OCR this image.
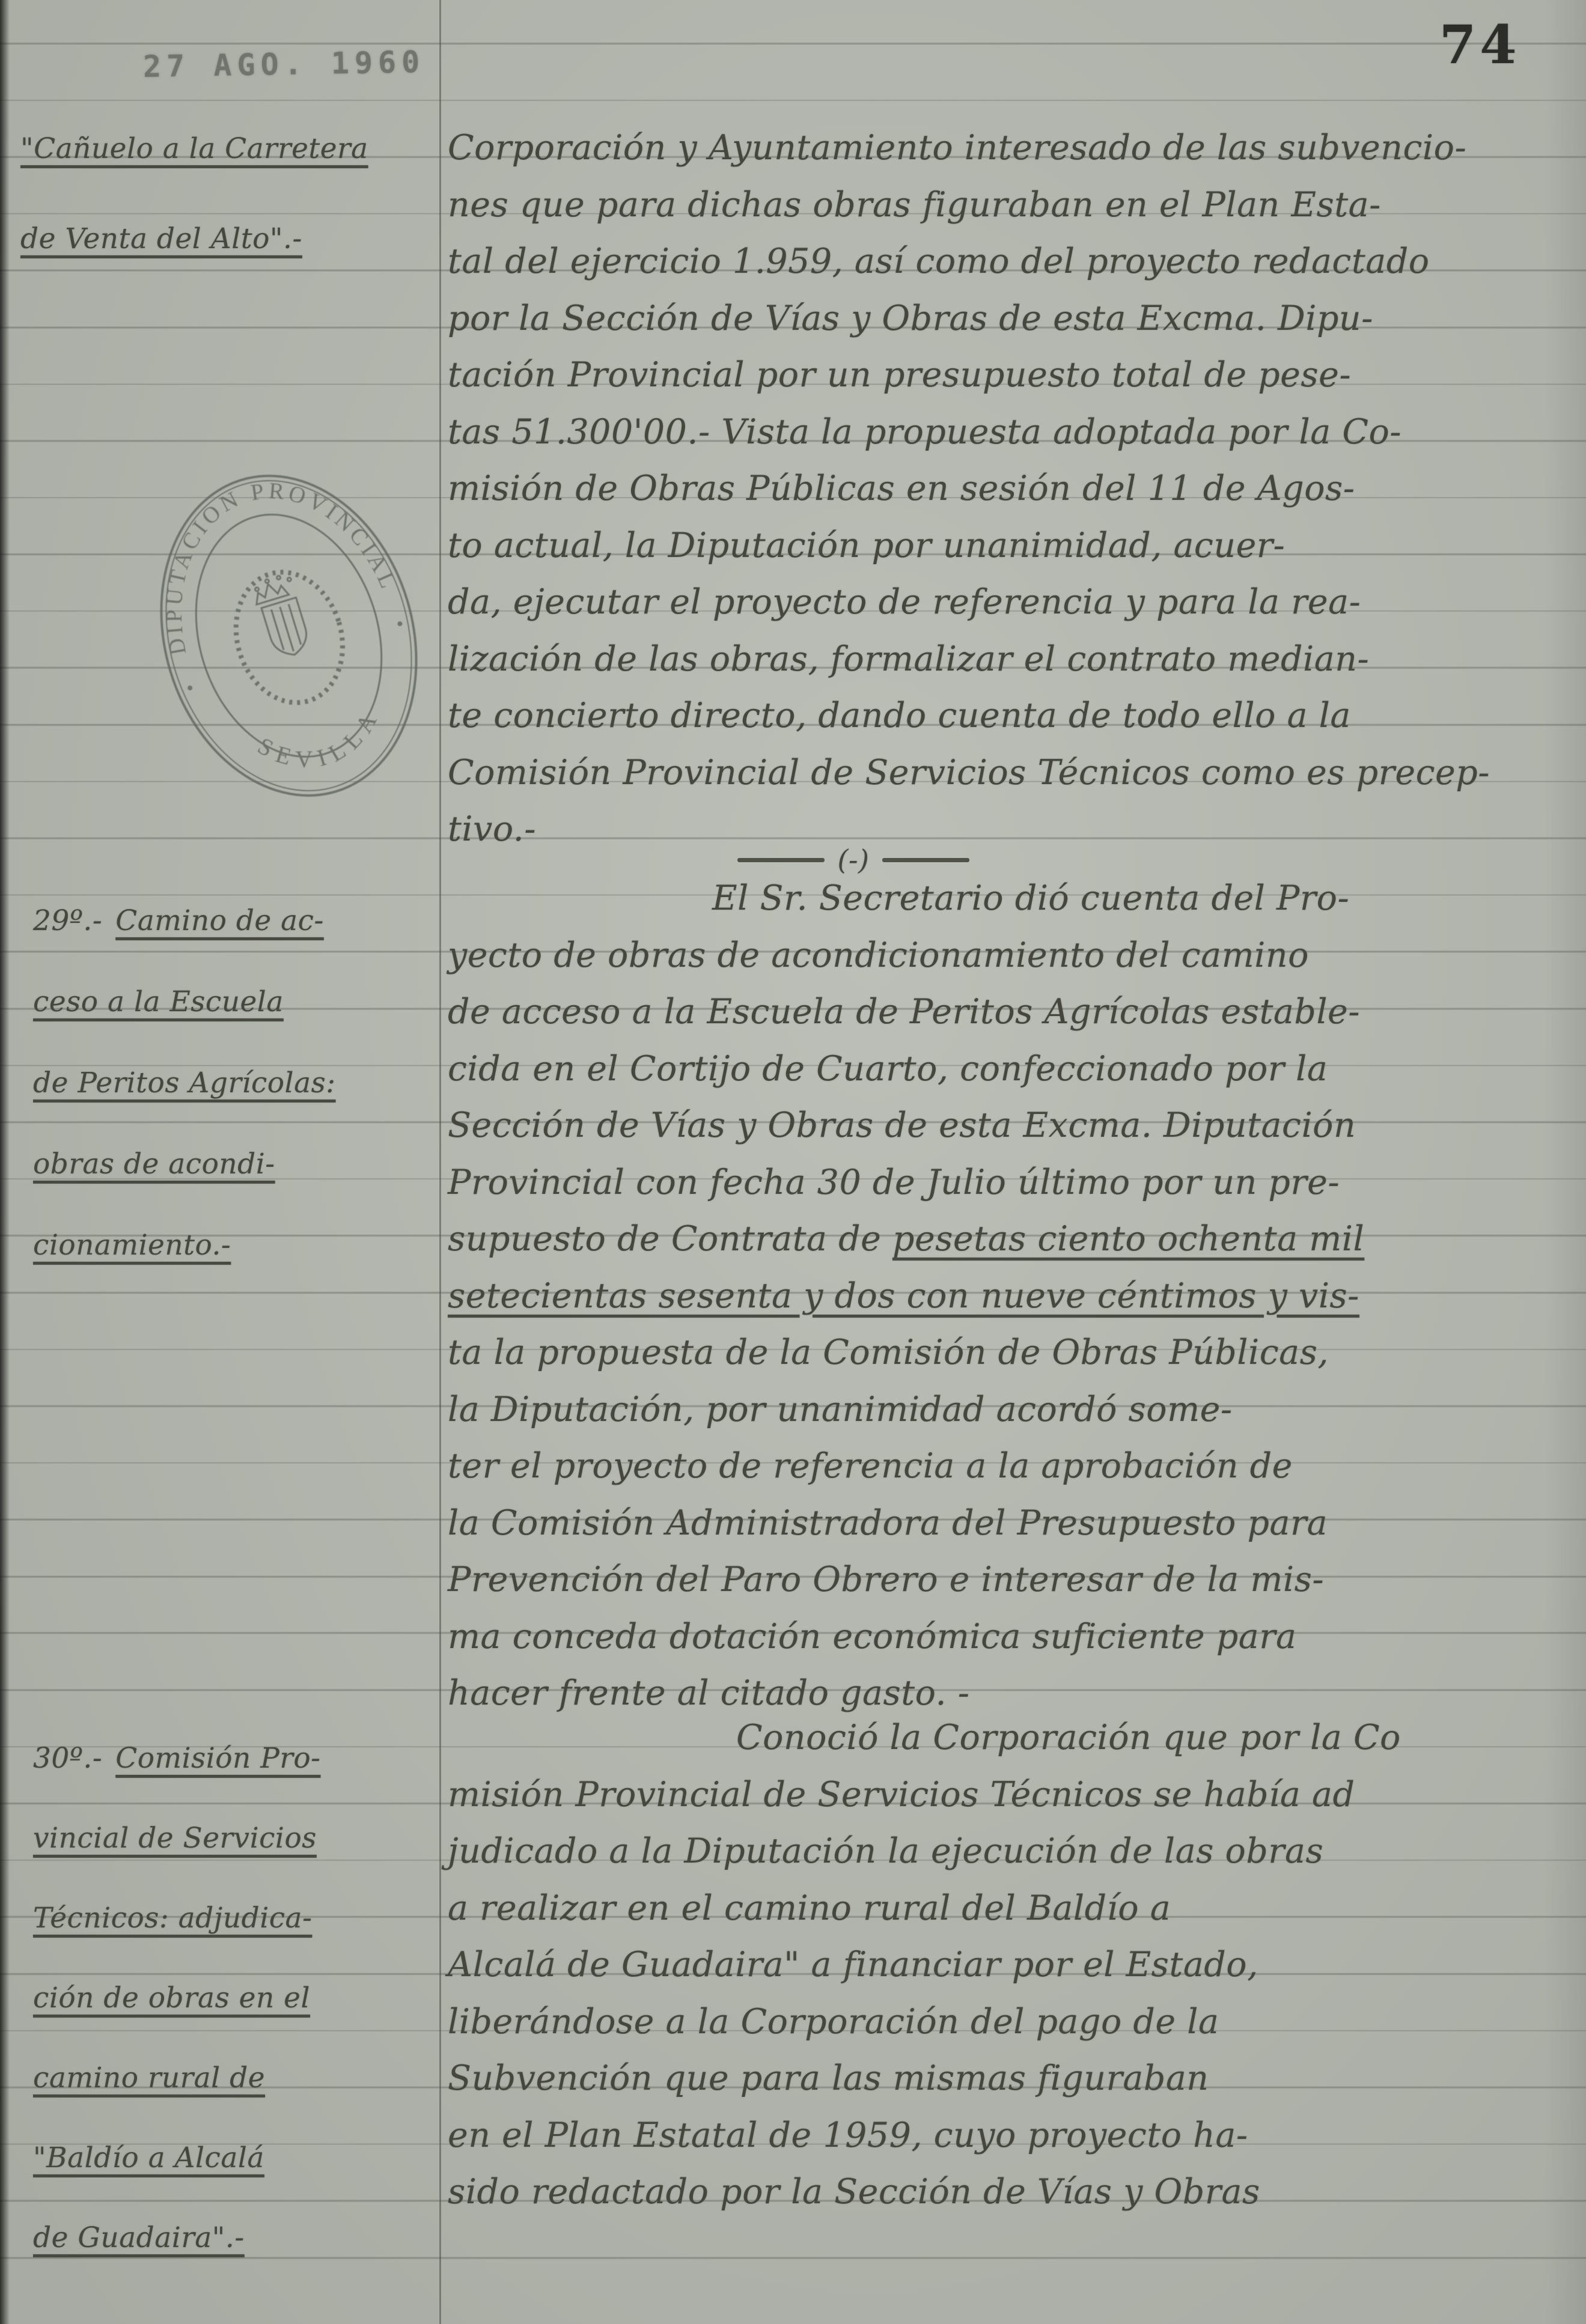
74
27 AGO. 1960
DIPUTACION PROVINCIAL
SEVILLA
"Cañuelo a la Carretera
de Venta del Alto".-
29º.- Camino de ac-
ceso a la Escuela
de Peritos Agrícolas:
obras de acondi-
cionamiento.-
30º.- Comisión Pro-
vincial de Servicios
Técnicos: adjudica-
ción de obras en el
camino rural de
"Baldío a Alcalá
de Guadaira".-
Corporación y Ayuntamiento interesado de las subvencio-
nes que para dichas obras figuraban en el Plan Esta-
tal del ejercicio 1.959, así como del proyecto redactado
por la Sección de Vías y Obras de esta Excma. Dipu-
tación Provincial por un presupuesto total de pese-
tas 51.300'00.- Vista la propuesta adoptada por la Co-
misión de Obras Públicas en sesión del 11 de Agos-
to actual, la Diputación por unanimidad, acuer-
da, ejecutar el proyecto de referencia y para la rea-
lización de las obras, formalizar el contrato median-
te concierto directo, dando cuenta de todo ello a la
Comisión Provincial de Servicios Técnicos como es precep-
tivo.-
(-)
El Sr. Secretario dió cuenta del Pro-
yecto de obras de acondicionamiento del camino
de acceso a la Escuela de Peritos Agrícolas estable-
cida en el Cortijo de Cuarto, confeccionado por la
Sección de Vías y Obras de esta Excma. Diputación
Provincial con fecha 30 de Julio último por un pre-
supuesto de Contrata de pesetas ciento ochenta mil
setecientas sesenta y dos con nueve céntimos y vis-
ta la propuesta de la Comisión de Obras Públicas,
la Diputación, por unanimidad acordó some-
ter el proyecto de referencia a la aprobación de
la Comisión Administradora del Presupuesto para
Prevención del Paro Obrero e interesar de la mis-
ma conceda dotación económica suficiente para
hacer frente al citado gasto. -
Conoció la Corporación que por la Co
misión Provincial de Servicios Técnicos se había ad
judicado a la Diputación la ejecución de las obras
a realizar en el camino rural del Baldío a
Alcalá de Guadaira" a financiar por el Estado,
liberándose a la Corporación del pago de la
Subvención que para las mismas figuraban
en el Plan Estatal de 1959, cuyo proyecto ha-
sido redactado por la Sección de Vías y Obras
